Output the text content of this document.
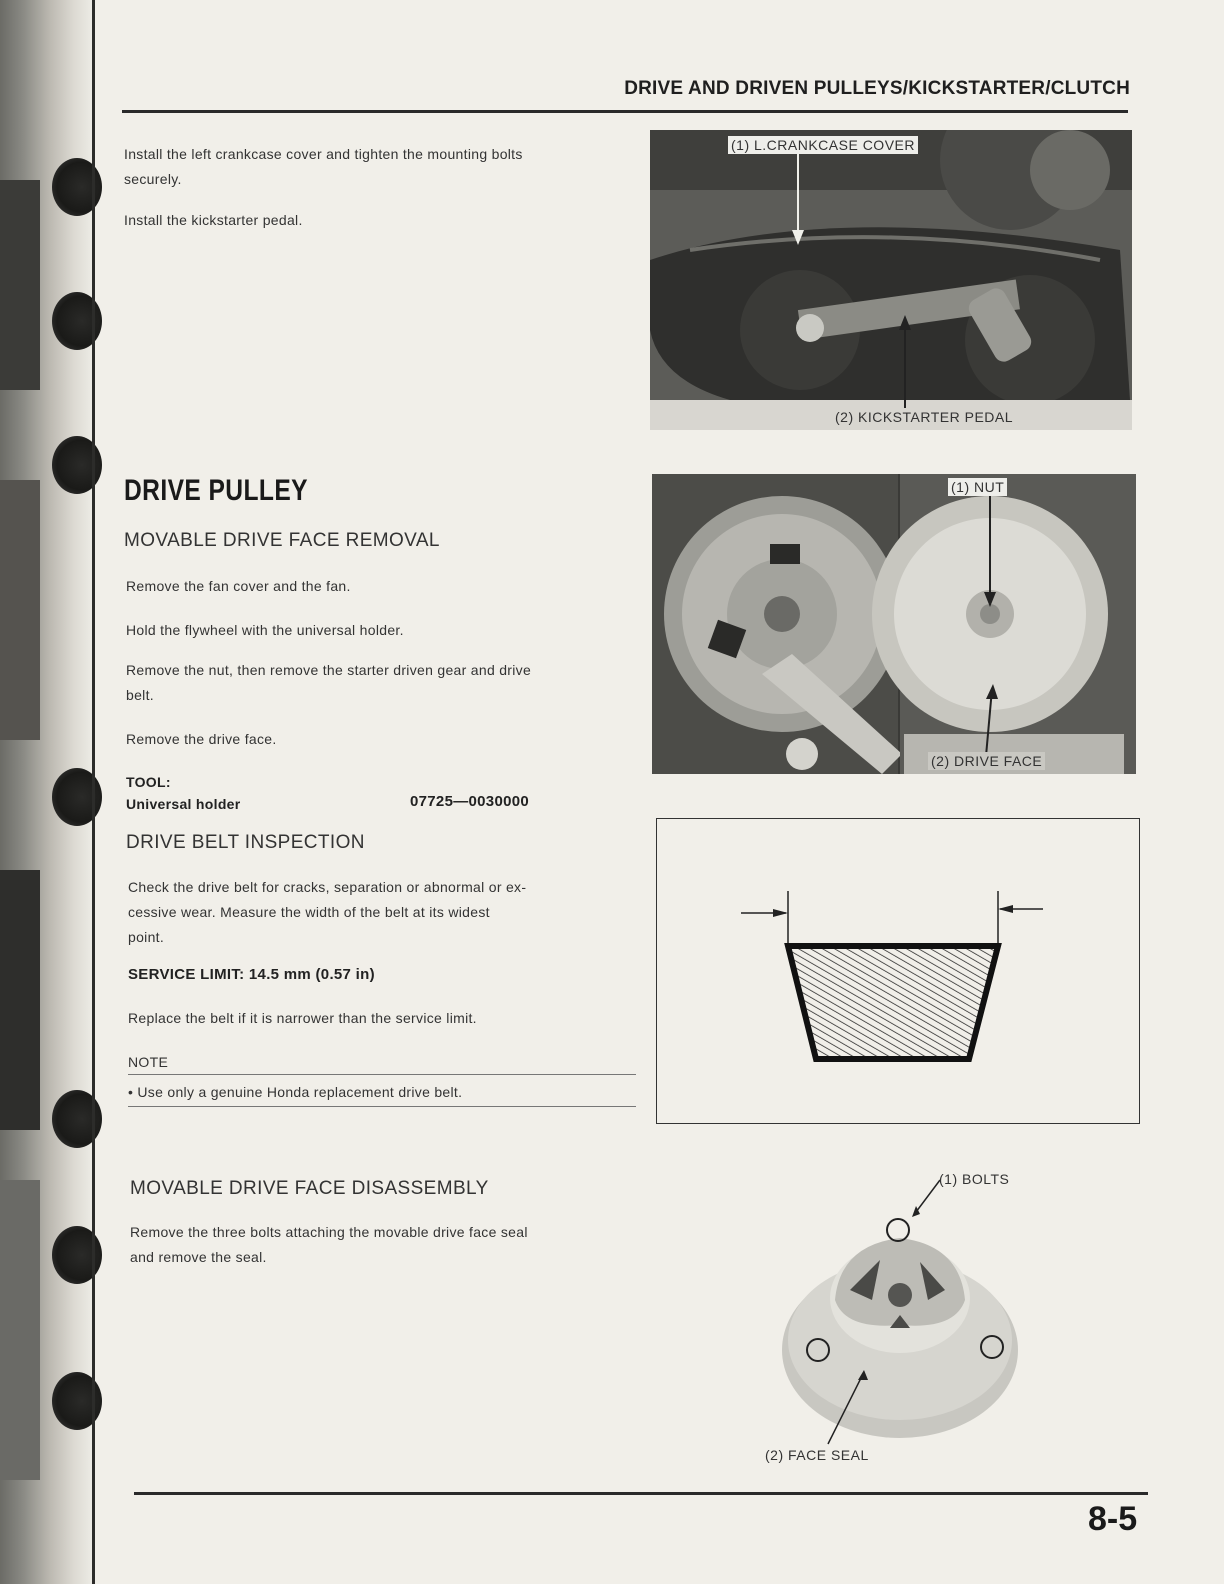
DRIVE AND DRIVEN PULLEYS/KICKSTARTER/CLUTCH
Install the left crankcase cover and tighten the mounting bolts
securely.
Install the kickstarter pedal.
(1) L.CRANKCASE COVER
(2) KICKSTARTER PEDAL
DRIVE PULLEY
MOVABLE DRIVE FACE REMOVAL
Remove the fan cover and the fan.
Hold the flywheel with the universal holder.
Remove the nut, then remove the starter driven gear and drive
belt.
Remove the drive face.
TOOL:
Universal holder	07725—0030000
(1) NUT
(2) DRIVE FACE
DRIVE BELT INSPECTION
Check the drive belt for cracks, separation or abnormal or ex-
cessive wear. Measure the width of the belt at its widest
point.
SERVICE LIMIT: 14.5 mm (0.57 in)
Replace the belt if it is narrower than the service limit.
NOTE
• Use only a genuine Honda replacement drive belt.
MOVABLE DRIVE FACE DISASSEMBLY
Remove the three bolts attaching the movable drive face seal
and remove the seal.
(1) BOLTS
(2) FACE SEAL
8-5
